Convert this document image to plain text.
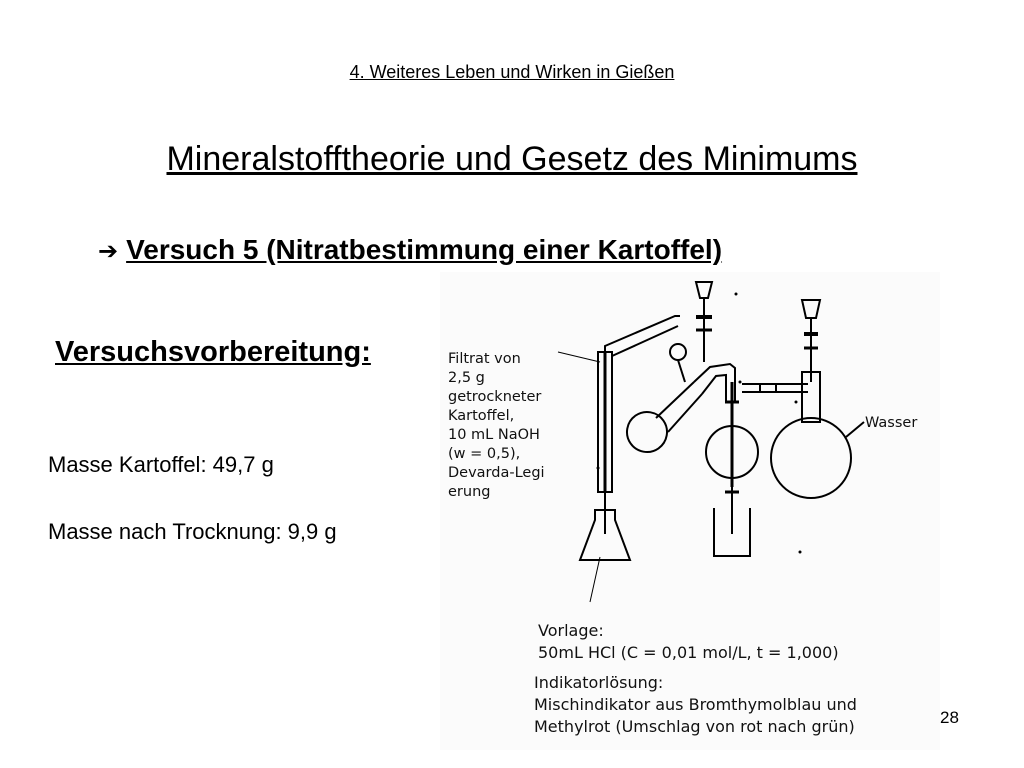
4. Weiteres Leben und Wirken in Gießen
Mineralstofftheorie und Gesetz des Minimums
➔ Versuch 5 (Nitratbestimmung einer Kartoffel)
Versuchsvorbereitung:
Masse Kartoffel: 49,7 g
Masse nach Trocknung: 9,9 g
Filtrat von
2,5 g
getrockneter
Kartoffel,
10 mL NaOH
(w = 0,5),
Devarda-Legi
erung
Wasser
Vorlage:
50mL HCl (C = 0,01 mol/L, t = 1,000)
Indikatorlösung:
Mischindikator aus Bromthymolblau und
Methylrot (Umschlag von rot nach grün)	28
